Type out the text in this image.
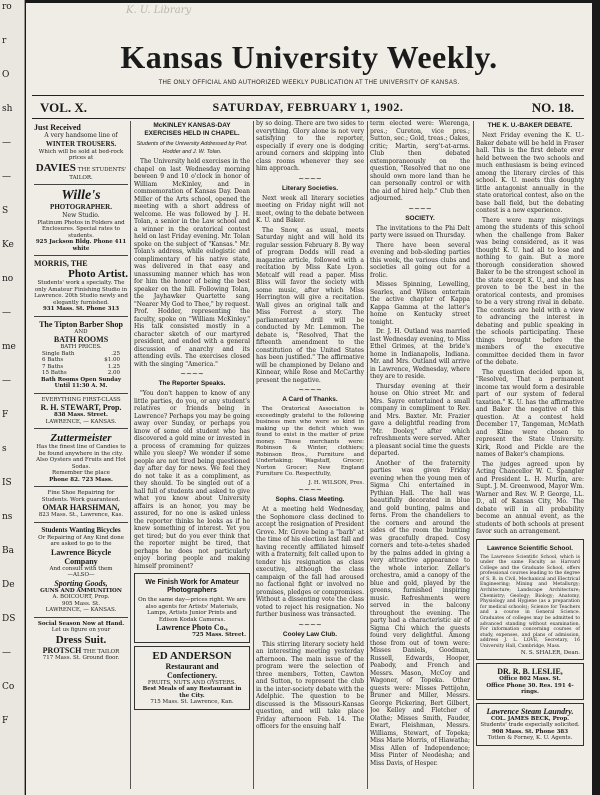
ro
r
O
sh
—
—
S
Ke
no
—
me
—
F
s
IS
ns
Ba
De
DS
—
Co
F
K. U. Library
Kansas University Weekly.
THE ONLY OFFICIAL AND AUTHORIZED WEEKLY PUBLICATION AT THE UNIVERSITY OF KANSAS.
VOL. X.	SATURDAY, FEBRUARY 1, 1902.	NO. 18.
Just Received
A very handsome line of
WINTER TROUSERS.
Which will be sold at bed-rock prices at
DAVIES THE STUDENTS' TAILOR.
Wille's
PHOTOGRAPHER.
New Studio.
Platinum Photos in Folders and Enclosures. Special rates to students.
925 Jackson Bldg. Phone 411 white
MORRIS, THE
Photo Artist.
Students' work a specialty. The only Amateur Finishing Studio in Lawrence. 20th Studio newly and elegantly furnished.
931 Mass. St. Phone 313
The Tipton Barber Shop
AND
BATH ROOMS
BATH PRICES.
Single Bath	.25
6 Baths	$1.00
7 Baths	1.25
15 Baths	2.00
Bath Rooms Open Sunday Until 11:30 A. M.
EVERYTHING FIRST-CLASS
R. H. STEWART, Prop.
838 Mass. Street.
LAWRENCE, — KANSAS.
Zuttermeister
Has the finest line of Candies to be found anywhere in the city.
Also Oysters and Fruits and Hot Sodas.
Remember the place
Phone 82. 723 Mass.
Fine Shoe Repairing for Students. Work guaranteed.
OMAR HARSHMAN,
823 Mass. St., Lawrence, Kas.
Students Wanting Bicycles
Or Repairing of Any Kind done are asked to go to the
Lawrence Bicycle Company
And consult with them
—ALSO—
Sporting Goods,
GUNS AND AMMUNITION
A. BOICOURT, Prop.
905 Mass. St.
LAWRENCE, — KANSAS.
Social Season Now at Hand.
Let us figure on your
Dress Suit.
PROTSCH THE TAILOR
717 Mass. St. Ground floor.
McKINLEY KANSAS-DAY EXERCISES HELD IN CHAPEL.
Students of the University Addressed by Prof. Hodder and J. W. Tolan.

The University held exercises in the chapel on last Wednesday morning beween 9 and 10 o'clock in honor of William McKinley, and in commemoration of Kansas Day. Dean Miller of the Arts school, opened the meeting with a short address of welcome. He was followed by J. H. Tolan, a senior in the Law school and a winner in the oratorical contest held on last Friday evening. Mr. Tolan spoke on the subject of "Kansas." Mr. Tolan's address, while eulogistic and complimentary of his native state, was delivered in that easy and unassuming manner which has won for him the honor of being the best speaker on the hill. Following Tolan, the Jayhawker Quartette sang "Nearer My God to Thee," by request. Prof. Hodder, representing the faculty, spoke on "William McKinley." His talk consisted mostly in a character sketch of our martyred president, and ended with a general discussion of anarchy and its attending evils. The exercises closed with the singing "America."

~~~~
The Reporter Speaks.

"You don't happen to know of any little parties, do you, or any student's relatives or friends being in Lawrence? Perhaps you may be going away over Sunday, or perhaps you know of some old student who has discovered a gold mine or invested in a process of cramming for quizzes while you sleep? We wonder if some people are not tired being questioned day after day for news. We feel they do not take it as a compliment, as they should. To be singled out of a hall full of students and asked to give what you know about University affairs is an honor, you may be assured, for no one is asked unless the reporter thinks he looks as if he knew something of interest. Yet you get tired; but do you ever think that the reporter might be tired, that perhaps he does not particularly enjoy boring people and making himself prominent?

We Finish Work for Amateur Photographers
On the same day—prices right. We are also agents for Artists' Materials, Lamps, Artists Junior Prints and Edison Kodak Cameras.
Lawrence Photo Co.,
725 Mass. Street.
ED ANDERSON
Restaurant and
Confectionery.
FRUITS, NUTS AND OYSTERS.
Best Meals of any Restaurant in the City.
715 Mass. St. Lawrence, Kan.

by so doing. There are two sides to everything. Glory alone is not very satisfying to the reporter, especially if every one is dodging around corners and skipping into class rooms whenever they see him approach.

~~~~
Literary Societies.

Next week all literary societies meeting on Friday night will not meet, owing to the debate between K. U. and Baker.

The Snow, as usual, meets Saturday night and will hold its regular session February 8. By way of program Dodds will read a magazine article, followed with a recitation by Miss Kate Lyon. Metcalf will read a paper. Miss Bliss will favor the society with some music, after which Miss Herrington will give a recitation. Wall gives an original talk and Miss Forrest a story. The parliamentary drill will be conducted by Mr. Lemmon. The debate is, "Resolved, That the fifteenth amendment to the constitution of the United States has been justified." The affirmative will be championed by Delano and Kinnear, while Rose and McCarthy present the negative.

~~~~
A Card of Thanks.

The Oratorical Association is exceedingly grateful to the following business men who were so kind in making up the deficit which was found to exist in the matter of prize money. These merchants were: Robinson & Winter, clothiers; Robinson Bros., Furniture and Undertaking; Wagstaff, Grocer; Norton Grocer; New England Furniture Co. Respectfully,

J. H. WILSON, Pres.
~~~~
Sophs. Class Meeting.

At a meeting held Wednesday, the Sophomore class declined to accept the resignation of President Grove. Mr. Grove being a "barb" at the time of his election last fall and having recently affiliated himself with a fraternity, felt called upon to tender his resignation as class executive, although the class campaign of the fall had aroused no factional fight or involved no promises, pledges or compromises. Without a dissenting vote the class voted to reject his resignation. No further business was transacted.

~~~~
Cooley Law Club.

This stirring literary society held an interesting meeting yesterday afternoon. The main issue of the program were the selection of three members, Totten, Cawton and Sutton, to represent the club in the inter-society debate with the Adelphic. The question to be discussed is the Missouri-Kansas question, and will take place Friday afternoon Feb. 14. The officers for the ensuing half

term elected were: Wierenga, pres.; Cureton, vice pres.; Sutton, sec.; Gold, treas.; Oakes, critic; Martin, serg't-at-arms. Club then debated extemporaneously on the question, "Resolved that no one should own more land than he can personally control or with the aid of hired help." Club then adjourned.

~~~~
SOCIETY.

The invitations to the Phi Delt party were issued on Thursday.

There have been several evening and bob-sleding parties this week, the various clubs and societies all going out for a frolic.

Misses Spinning, Lewelling, Searles, and Wilson entertain the active chapter of Kappa Kappa Gamma at the latter's home on Kentucky street tonight.

Dr. J. H. Outland was married last Wednesday evening, to Miss Ethel Grimes, at the bride's home in Indianapolis, Indiana. Mr. and Mrs. Outland will arrive in Lawrence, Wednesday, where they are to reside.

Thursday evening at their house on Ohio street Mr. and Mrs. Sayre entertained a small company in compliment to Rev. and Mrs. Baxter. Mr. Frazier gave a delightful reading from "Mr. Dooley," after which refreshments were served. After a pleasant social time the guests departed.

Another of the fraternity parties was given Friday evening when the young men of Sigma Chi entertained in Pythian Hall. The hall was beautifully decorated in blue and gold bunting, palms and ferns. From the chandeliers to the corners and around the sides of the room the bunting was gracefully draped. Cosy corners and tete-a-tetes shaded by the palms added in giving a very attractive appearance to the whole interior. Zellar's orchestra, amid a canopy of the blue and gold, played by the greens, furnished inspiring music. Refreshments were served in the balcony throughout the evening. The party had a characteristic air of Sigma Chi which the guests found very delightful. Among those from out of town were: Misses Daniels, Goodman, Russell, Edwards, Hooper, Peabody, and French and Messrs. Mason, McCoy and Wagoner, of Topeka. Other guests were: Misses Pettijohn, Bruner and Miller, Messrs. George Pickering, Bert Gilbert, Joe Kelley and Fletcher of Olathe; Misses Smith, Fauder, Ewart, Fleishman, Messrs. Williams, Stewart, of Topeka; Miss Marie Morris, of Hiawatha; Miss Allen of Independence; Miss Pinter of Neodesha; and Miss Davis, of Hesper.

THE K. U.-BAKER DEBATE.

Next Friday evening the K. U.-Baker debate will be held in Fraser hall. This is the first debate ever held between the two schools and much enthusiasm is being evinced among the literary circles of this school. K. U. meets this doughty little antagonist annually in the state oratorical contest, also on the base ball field, but the debating contest is a new experience.

There were many misgivings among the students of this school when the challenge from Baker was being considered, as it was thought K. U. had all to lose and nothing to gain. But a more thorough consideration showed Baker to be the strongest school in the state except K. U., and she has proven to be the best in the oratorical contests, and promises to be a very strong rival in debate. The contests are held with a view to advancing the interest in debating and public speaking in the schools participating. These things brought before the members of the executive committee decided them in favor of the debate.

The question decided upon is, "Resolved, That a permanent income tax would form a desirable part of our system of federal taxation." K. U. has the affirmative and Baker the negative of this question. At a contest held December 17, Tangeman, McMath and Kline were chosen to represent the State University. Kirk, Rood and Pickle are the names of Baker's champions.

The judges agreed upon by Acting Chancellor W. C. Spangler and President L. H. Murlin, are: Supt. J. M. Greenwood, Mayor Wm. Warner and Rev. W. P. George, LL. D., all of Kansas City, Mo. The debate will in all probability become an annual event, as the students of both schools at present favor such an arrangement.

Lawrence Scientific School.
The Lawrence Scientific School, which is under the same Faculty as Harvard College and the Graduate School, offers professional courses leading to the degree of S. B. in Civil, Mechanical and Electrical Engineering; Mining and Metallurgy; Architecture; Landscape Architecture; Chemistry; Geology; Biology; Anatomy, Physiology and Hygiene (as a preparation for medical schools); Science for Teachers and a course in General Science. Graduates of colleges may be admitted to advanced standing without examination. For information concerning courses of study, expenses, and plans of admission, address J. L. LOVE, Secretary, 16 University Hall, Cambridge, Mass.
N. S. SHALER, Dean.
DR. R. B. LESLIE,
Office 802 Mass. St.
Office Phone 30. Res. 191 4-rings.
Lawrence Steam Laundry.
COL. JAMES BECK, Prop.
Students' trade especially solicited.
908 Mass. St. Phone 383
Totten & Forney, K. U. Agents.
